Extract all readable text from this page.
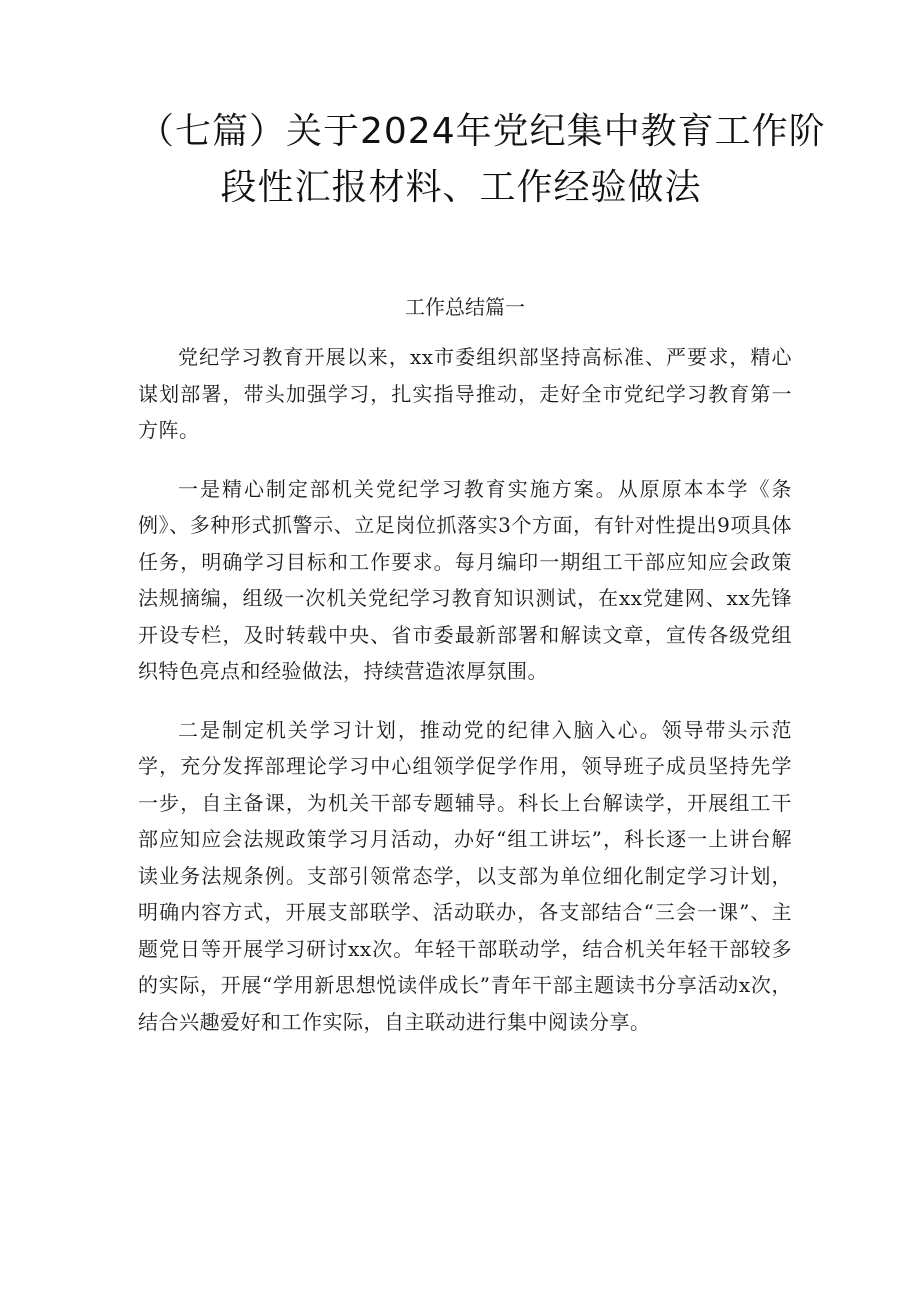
（七篇）关于2024年党纪集中教育工作阶
段性汇报材料、工作经验做法
工作总结篇一

党纪学习教育开展以来，xx市委组织部坚持高标准、严要求，精心谋划部署，带头加强学习，扎实指导推动，走好全市党纪学习教育第一方阵。

一是精心制定部机关党纪学习教育实施方案。从原原本本学《条例》、多种形式抓警示、立足岗位抓落实3个方面，有针对性提出9项具体任务，明确学习目标和工作要求。每月编印一期组工干部应知应会政策法规摘编，组级一次机关党纪学习教育知识测试，在xx党建网、xx先锋开设专栏，及时转载中央、省市委最新部署和解读文章，宣传各级党组织特色亮点和经验做法，持续营造浓厚氛围。

二是制定机关学习计划，推动党的纪律入脑入心。领导带头示范学，充分发挥部理论学习中心组领学促学作用，领导班子成员坚持先学一步，自主备课，为机关干部专题辅导。科长上台解读学，开展组工干部应知应会法规政策学习月活动，办好“组工讲坛”，科长逐一上讲台解读业务法规条例。支部引领常态学，以支部为单位细化制定学习计划，明确内容方式，开展支部联学、活动联办，各支部结合“三会一课”、主题党日等开展学习研讨xx次。年轻干部联动学，结合机关年轻干部较多的实际，开展“学用新思想悦读伴成长”青年干部主题读书分享活动x次，结合兴趣爱好和工作实际，自主联动进行集中阅读分享。
